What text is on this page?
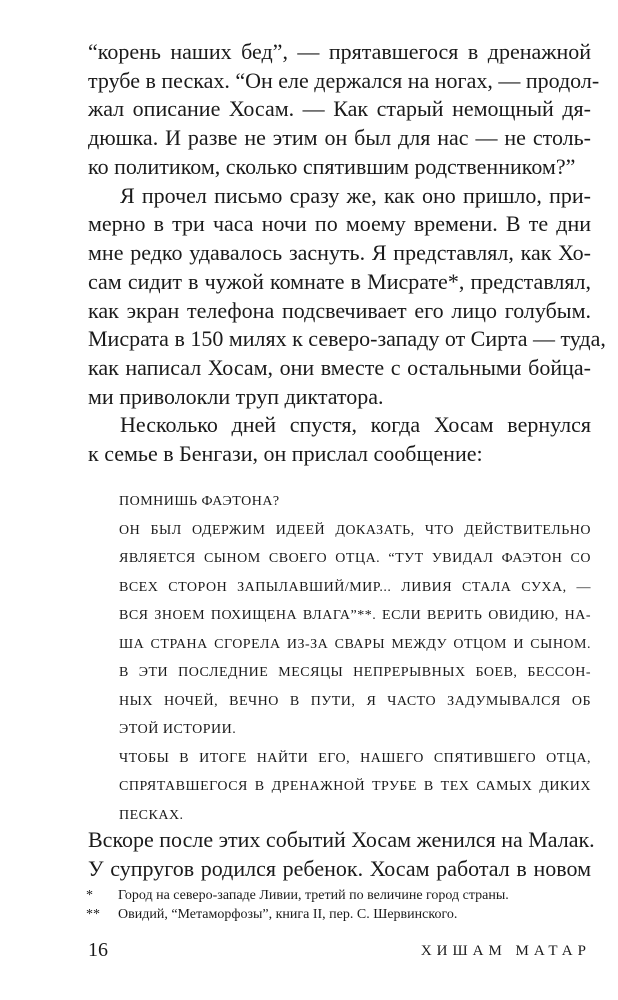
“корень наших бед”, — прятавшегося в дренажной
трубе в песках. “Он еле держался на ногах, — продол-
жал описание Хосам. — Как старый немощный дя-
дюшка. И разве не этим он был для нас — не столь-
ко политиком, сколько спятившим родственником?”
Я прочел письмо сразу же, как оно пришло, при-
мерно в три часа ночи по моему времени. В те дни
мне редко удавалось заснуть. Я представлял, как Хо-
сам сидит в чужой комнате в Мисрате*, представлял,
как экран телефона подсвечивает его лицо голубым.
Мисрата в 150 милях к северо-западу от Сирта — туда,
как написал Хосам, они вместе с остальными бойца-
ми приволокли труп диктатора.
Несколько дней спустя, когда Хосам вернулся
к семье в Бенгази, он прислал сообщение:
ПОМНИШЬ ФАЭТОНА?
ОН БЫЛ ОДЕРЖИМ ИДЕЕЙ ДОКАЗАТЬ, ЧТО ДЕЙСТВИТЕЛЬНО
ЯВЛЯЕТСЯ СЫНОМ СВОЕГО ОТЦА. “ТУТ УВИДАЛ ФАЭТОН СО
ВСЕХ СТОРОН ЗАПЫЛАВШИЙ/МИР... ЛИВИЯ СТАЛА СУХА, —
ВСЯ ЗНОЕМ ПОХИЩЕНА ВЛАГА”**. ЕСЛИ ВЕРИТЬ ОВИДИЮ, НА-
ША СТРАНА СГОРЕЛА ИЗ-ЗА СВАРЫ МЕЖДУ ОТЦОМ И СЫНОМ.
В ЭТИ ПОСЛЕДНИЕ МЕСЯЦЫ НЕПРЕРЫВНЫХ БОЕВ, БЕССОН-
НЫХ НОЧЕЙ, ВЕЧНО В ПУТИ, Я ЧАСТО ЗАДУМЫВАЛСЯ ОБ
ЭТОЙ ИСТОРИИ.
ЧТОБЫ В ИТОГЕ НАЙТИ ЕГО, НАШЕГО СПЯТИВШЕГО ОТЦА,
СПРЯТАВШЕГОСЯ В ДРЕНАЖНОЙ ТРУБЕ В ТЕХ САМЫХ ДИКИХ
ПЕСКАХ.
Вскоре после этих событий Хосам женился на Малак.
У супругов родился ребенок. Хосам работал в новом
* Город на северо-западе Ливии, третий по величине город страны.
** Овидий, “Метаморфозы”, книга II, пер. С. Шервинского.
16	ХИШАМ МАТАР
